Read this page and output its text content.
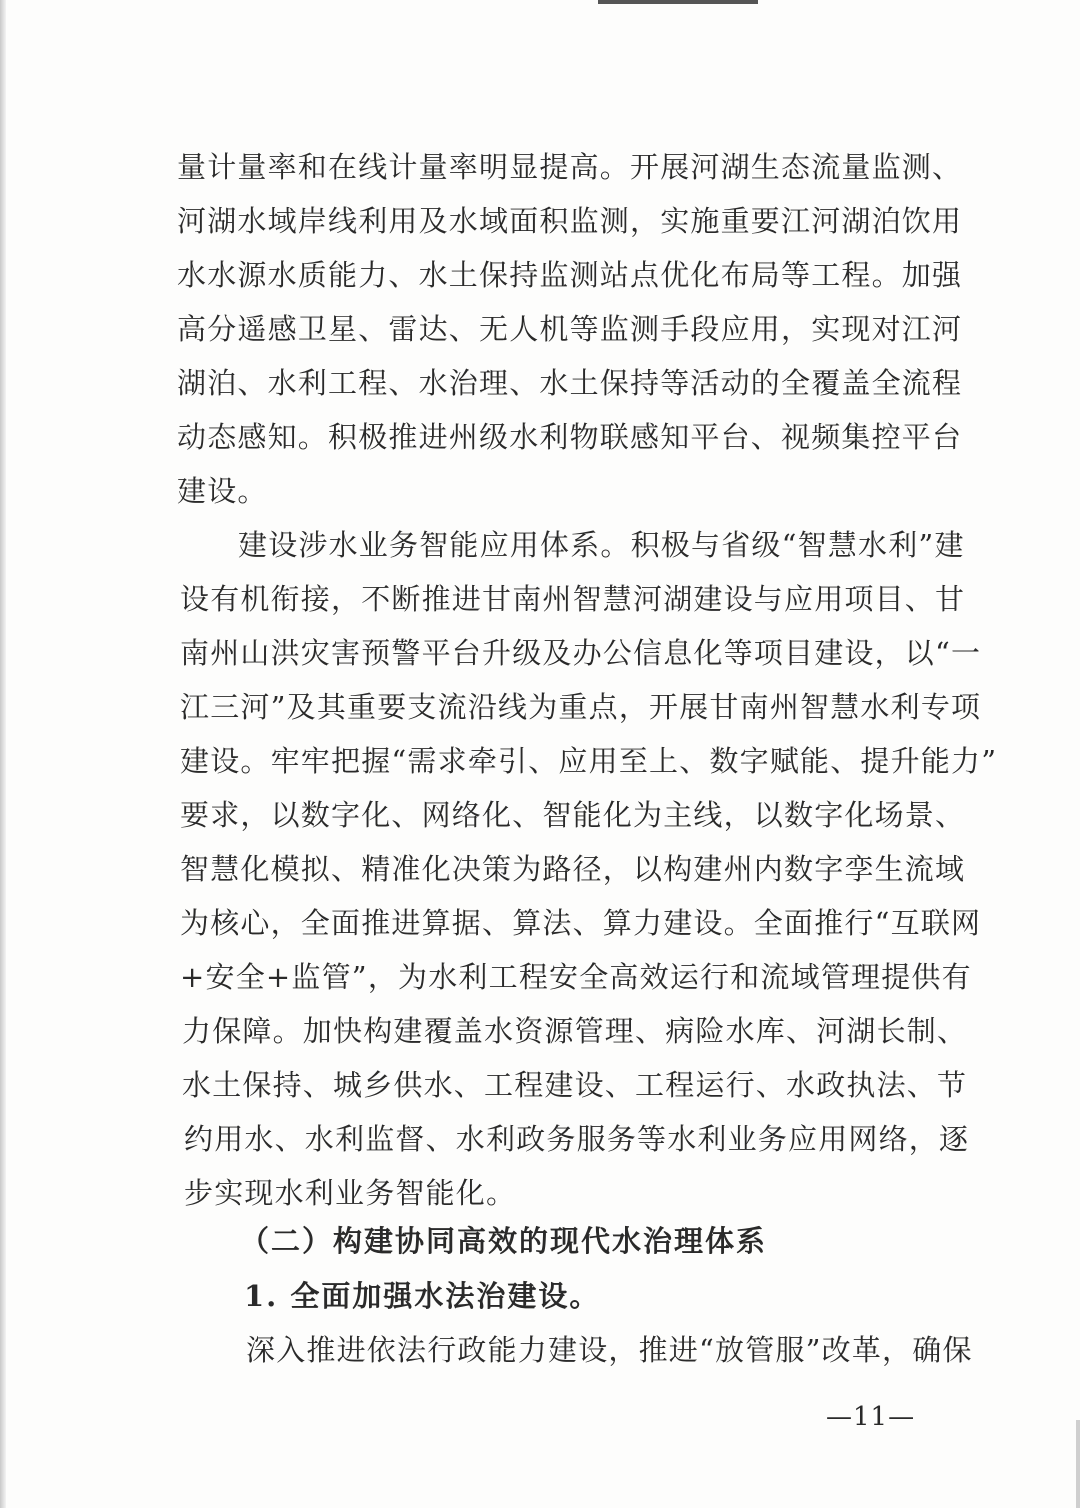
量计量率和在线计量率明显提高。开展河湖生态流量监测、

河湖水域岸线利用及水域面积监测，实施重要江河湖泊饮用

水水源水质能力、水土保持监测站点优化布局等工程。加强

高分遥感卫星、雷达、无人机等监测手段应用，实现对江河

湖泊、水利工程、水治理、水土保持等活动的全覆盖全流程

动态感知。积极推进州级水利物联感知平台、视频集控平台

建设。

建设涉水业务智能应用体系。积极与省级“智慧水利”建

设有机衔接，不断推进甘南州智慧河湖建设与应用项目、甘

南州山洪灾害预警平台升级及办公信息化等项目建设，以“一

江三河”及其重要支流沿线为重点，开展甘南州智慧水利专项

建设。牢牢把握“需求牵引、应用至上、数字赋能、提升能力”

要求，以数字化、网络化、智能化为主线，以数字化场景、

智慧化模拟、精准化决策为路径，以构建州内数字孪生流域

为核心，全面推进算据、算法、算力建设。全面推行“互联网

+安全+监管”，为水利工程安全高效运行和流域管理提供有

力保障。加快构建覆盖水资源管理、病险水库、河湖长制、

水土保持、城乡供水、工程建设、工程运行、水政执法、节

约用水、水利监督、水利政务服务等水利业务应用网络，逐

步实现水利业务智能化。

（二）构建协同高效的现代水治理体系

1. 全面加强水法治建设。

深入推进依法行政能力建设，推进“放管服”改革，确保

—11—
